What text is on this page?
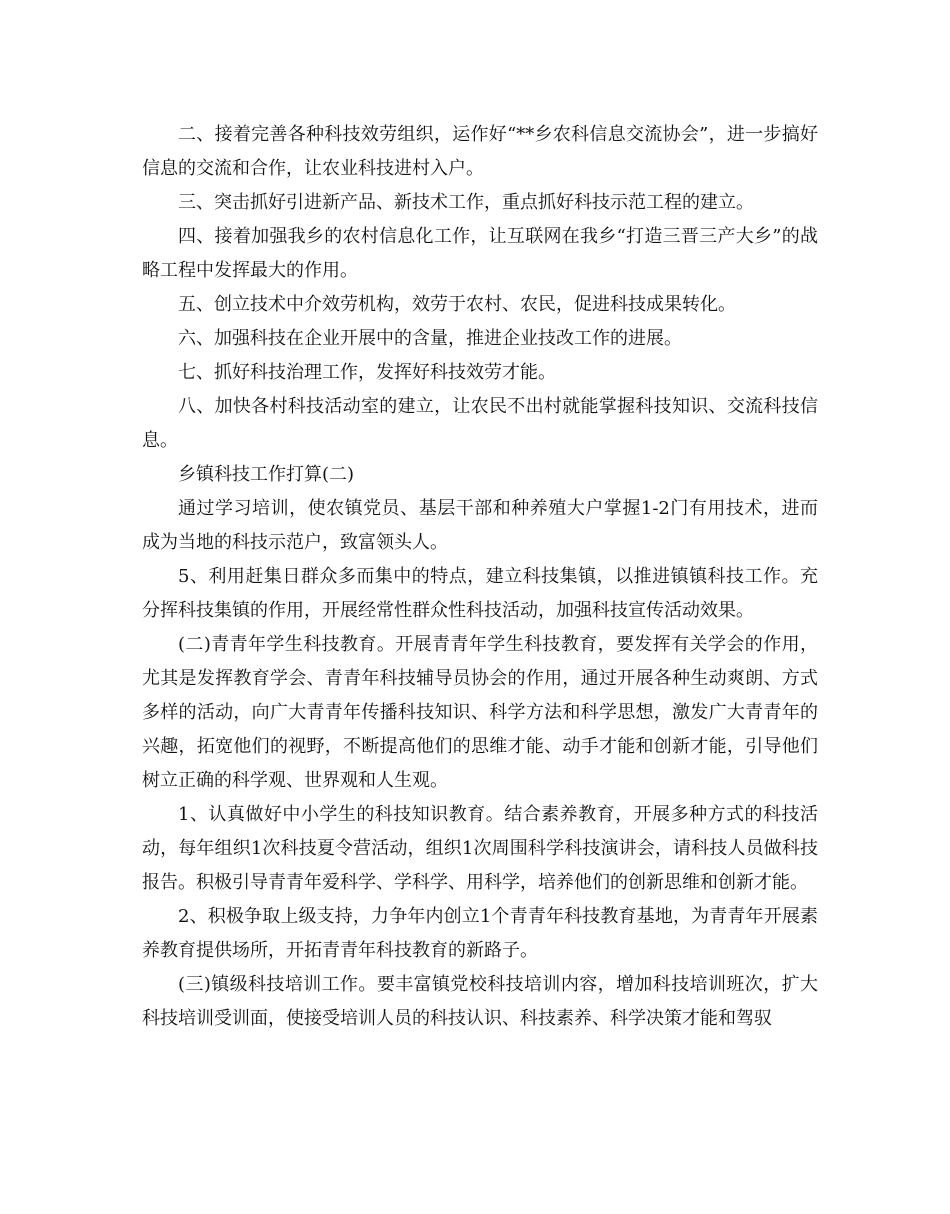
二、接着完善各种科技效劳组织，运作好“**乡农科信息交流协会”，进一步搞好信息的交流和合作，让农业科技进村入户。

三、突击抓好引进新产品、新技术工作，重点抓好科技示范工程的建立。

四、接着加强我乡的农村信息化工作，让互联网在我乡“打造三晋三产大乡”的战略工程中发挥最大的作用。

五、创立技术中介效劳机构，效劳于农村、农民，促进科技成果转化。

六、加强科技在企业开展中的含量，推进企业技改工作的进展。

七、抓好科技治理工作，发挥好科技效劳才能。

八、加快各村科技活动室的建立，让农民不出村就能掌握科技知识、交流科技信息。

乡镇科技工作打算(二)

通过学习培训，使农镇党员、基层干部和种养殖大户掌握1-2门有用技术，进而成为当地的科技示范户，致富领头人。

5、利用赶集日群众多而集中的特点，建立科技集镇，以推进镇镇科技工作。充分挥科技集镇的作用，开展经常性群众性科技活动，加强科技宣传活动效果。

(二)青青年学生科技教育。开展青青年学生科技教育，要发挥有关学会的作用，尤其是发挥教育学会、青青年科技辅导员协会的作用，通过开展各种生动爽朗、方式多样的活动，向广大青青年传播科技知识、科学方法和科学思想，激发广大青青年的兴趣，拓宽他们的视野，不断提高他们的思维才能、动手才能和创新才能，引导他们树立正确的科学观、世界观和人生观。

1、认真做好中小学生的科技知识教育。结合素养教育，开展多种方式的科技活动，每年组织1次科技夏令营活动，组织1次周围科学科技演讲会，请科技人员做科技报告。积极引导青青年爱科学、学科学、用科学，培养他们的创新思维和创新才能。

2、积极争取上级支持，力争年内创立1个青青年科技教育基地，为青青年开展素养教育提供场所，开拓青青年科技教育的新路子。

(三)镇级科技培训工作。要丰富镇党校科技培训内容，增加科技培训班次，扩大科技培训受训面，使接受培训人员的科技认识、科技素养、科学决策才能和驾驭
